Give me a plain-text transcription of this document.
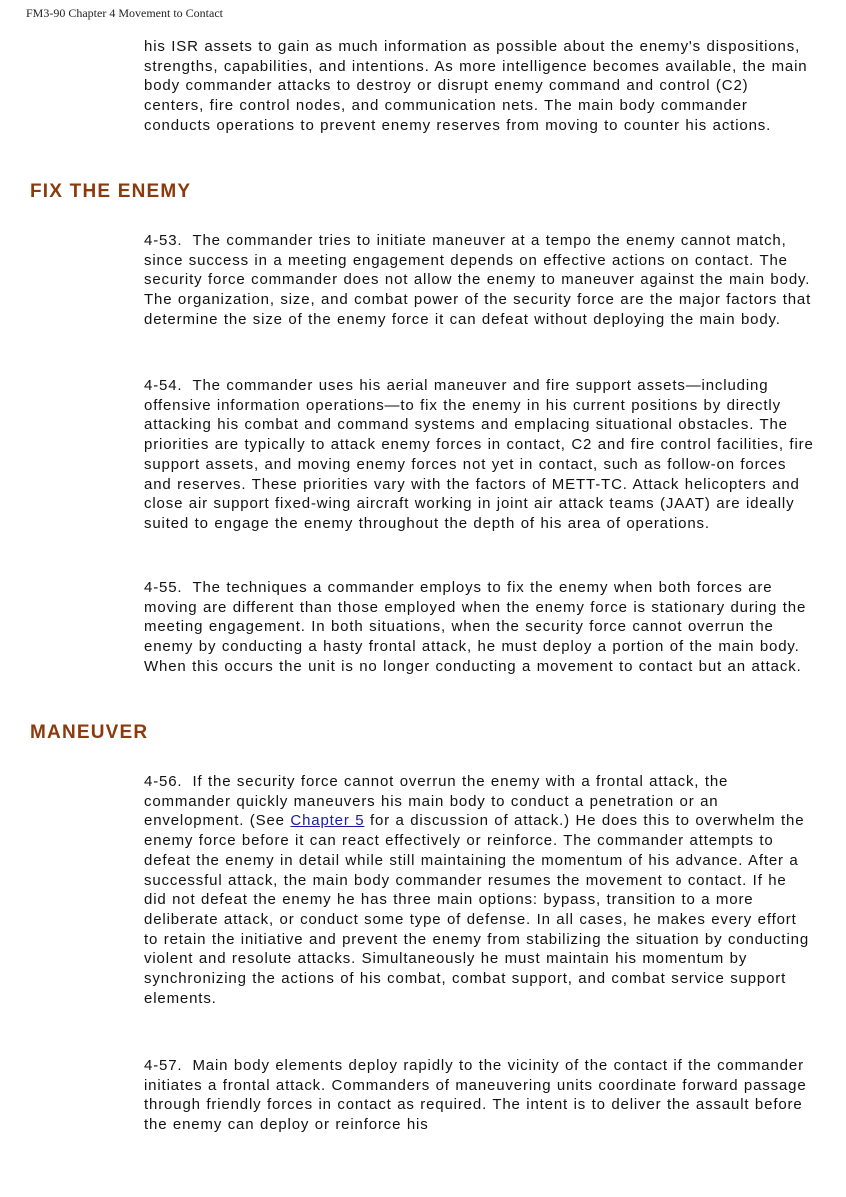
FM3-90 Chapter 4 Movement to Contact

his ISR assets to gain as much information as possible about the enemy's dispositions, strengths, capabilities, and intentions. As more intelligence becomes available, the main body commander attacks to destroy or disrupt enemy command and control (C2) centers, fire control nodes, and communication nets. The main body commander conducts operations to prevent enemy reserves from moving to counter his actions.

FIX THE ENEMY

4-53. The commander tries to initiate maneuver at a tempo the enemy cannot match, since success in a meeting engagement depends on effective actions on contact. The security force commander does not allow the enemy to maneuver against the main body. The organization, size, and combat power of the security force are the major factors that determine the size of the enemy force it can defeat without deploying the main body.

4-54. The commander uses his aerial maneuver and fire support assets—including offensive information operations—to fix the enemy in his current positions by directly attacking his combat and command systems and emplacing situational obstacles. The priorities are typically to attack enemy forces in contact, C2 and fire control facilities, fire support assets, and moving enemy forces not yet in contact, such as follow-on forces and reserves. These priorities vary with the factors of METT-TC. Attack helicopters and close air support fixed-wing aircraft working in joint air attack teams (JAAT) are ideally suited to engage the enemy throughout the depth of his area of operations.

4-55. The techniques a commander employs to fix the enemy when both forces are moving are different than those employed when the enemy force is stationary during the meeting engagement. In both situations, when the security force cannot overrun the enemy by conducting a hasty frontal attack, he must deploy a portion of the main body. When this occurs the unit is no longer conducting a movement to contact but an attack.

MANEUVER

4-56. If the security force cannot overrun the enemy with a frontal attack, the commander quickly maneuvers his main body to conduct a penetration or an envelopment. (See Chapter 5 for a discussion of attack.) He does this to overwhelm the enemy force before it can react effectively or reinforce. The commander attempts to defeat the enemy in detail while still maintaining the momentum of his advance. After a successful attack, the main body commander resumes the movement to contact. If he did not defeat the enemy he has three main options: bypass, transition to a more deliberate attack, or conduct some type of defense. In all cases, he makes every effort to retain the initiative and prevent the enemy from stabilizing the situation by conducting violent and resolute attacks. Simultaneously he must maintain his momentum by synchronizing the actions of his combat, combat support, and combat service support elements.

4-57. Main body elements deploy rapidly to the vicinity of the contact if the commander initiates a frontal attack. Commanders of maneuvering units coordinate forward passage through friendly forces in contact as required. The intent is to deliver the assault before the enemy can deploy or reinforce his
